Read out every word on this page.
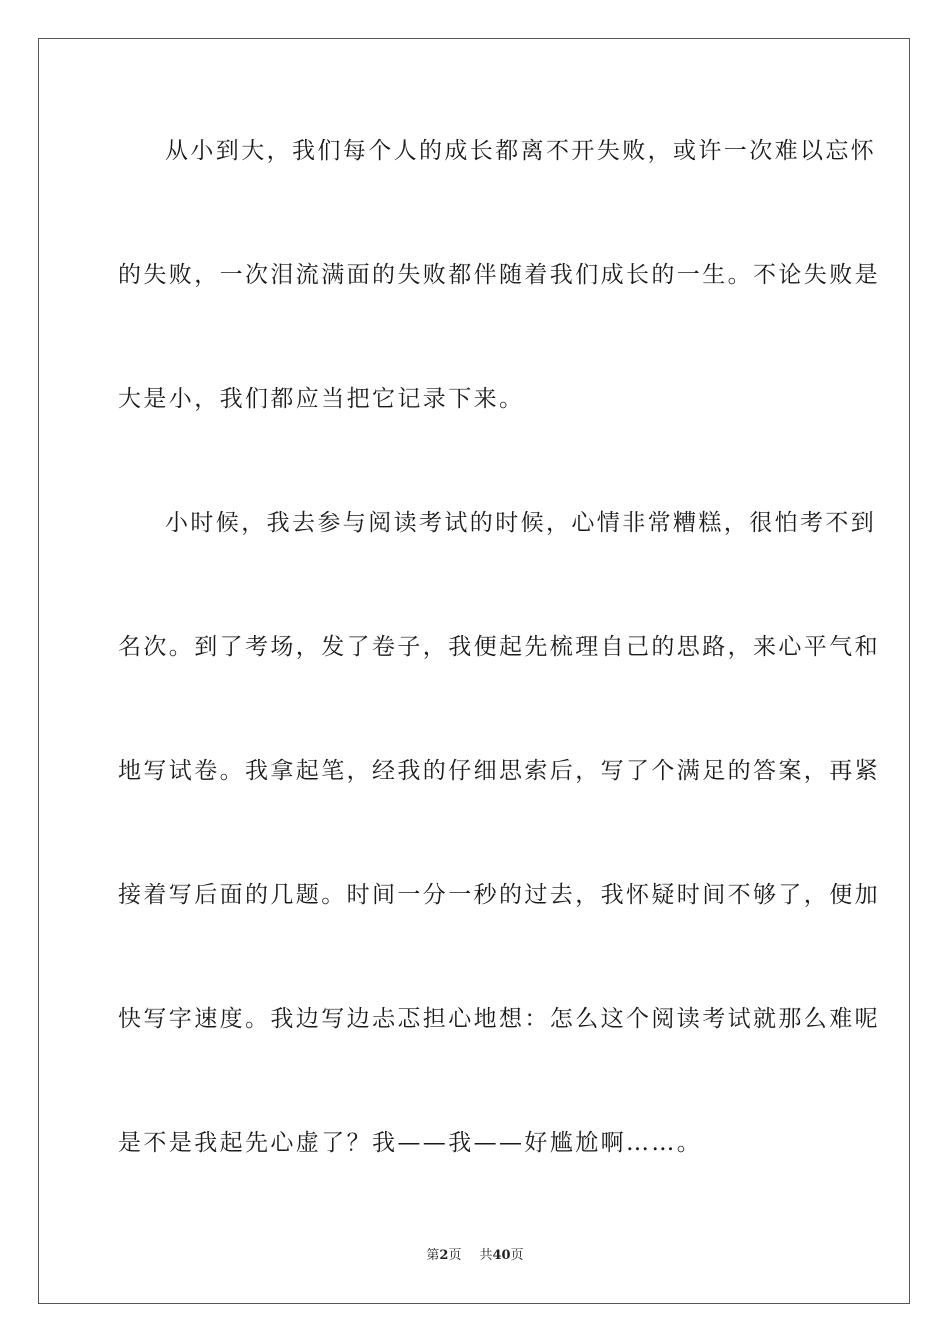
从小到大，我们每个人的成长都离不开失败，或许一次难以忘怀
的失败，一次泪流满面的失败都伴随着我们成长的一生。不论失败是
大是小，我们都应当把它记录下来。
小时候，我去参与阅读考试的时候，心情非常糟糕，很怕考不到
名次。到了考场，发了卷子，我便起先梳理自己的思路，来心平气和
地写试卷。我拿起笔，经我的仔细思索后，写了个满足的答案，再紧
接着写后面的几题。时间一分一秒的过去，我怀疑时间不够了，便加
快写字速度。我边写边忐忑担心地想：怎么这个阅读考试就那么难呢
是不是我起先心虚了？我——我——好尴尬啊……。
第2页 共40页
